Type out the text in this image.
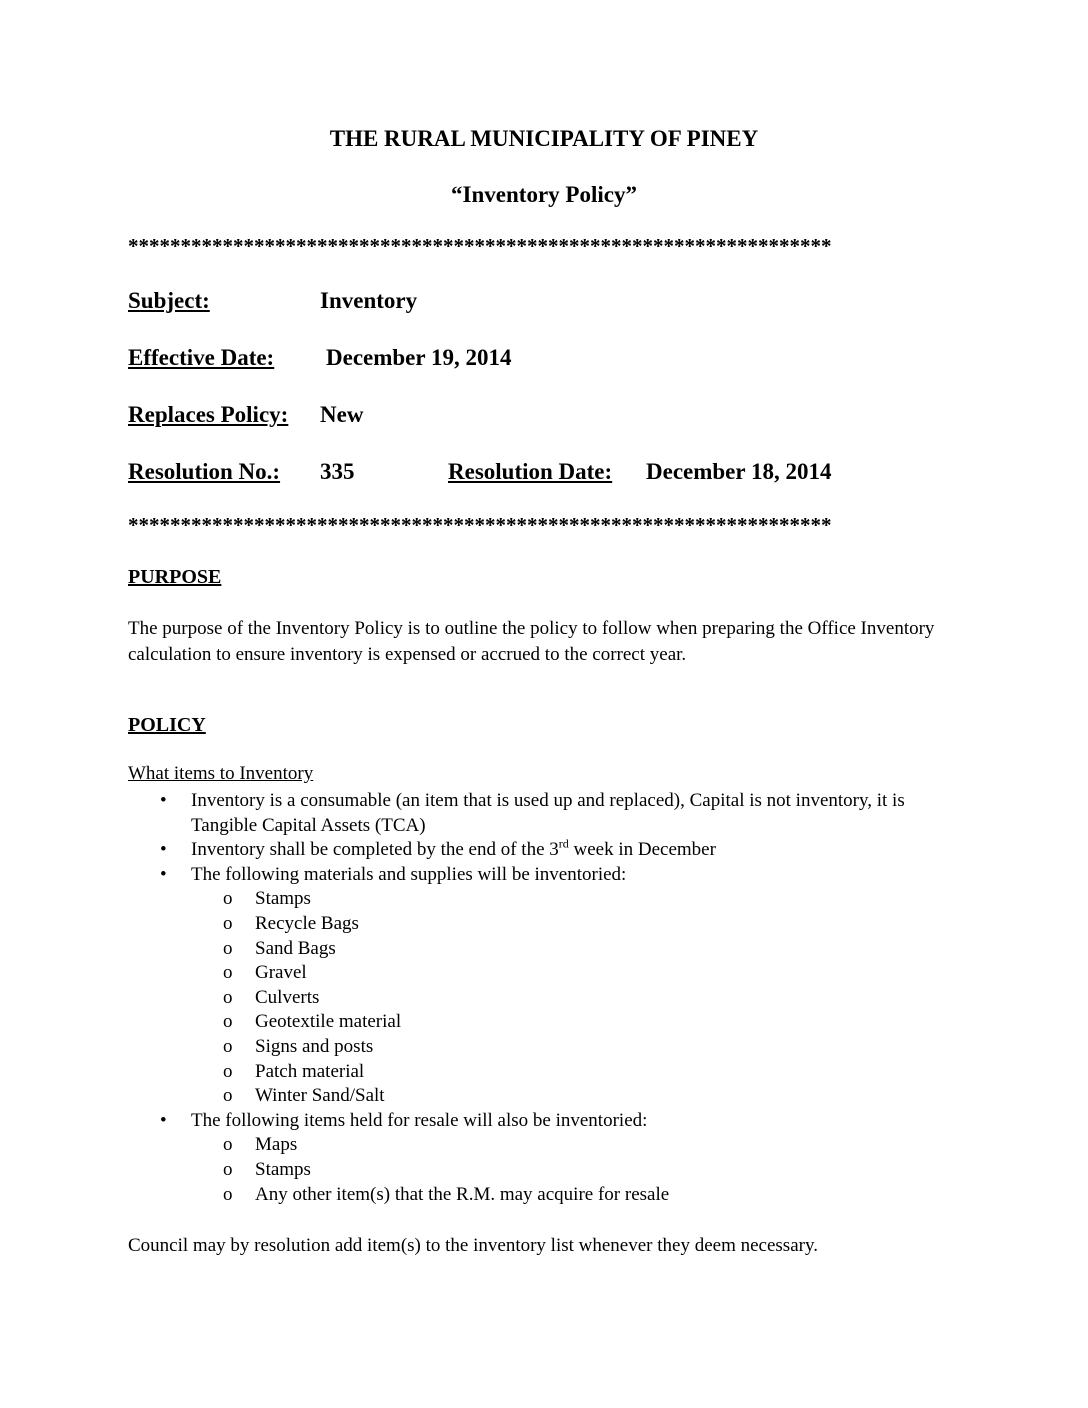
THE RURAL MUNICIPALITY OF PINEY
“Inventory Policy”
*******************************************************************
Subject:	Inventory
Effective Date: December 19, 2014
Replaces Policy: New
Resolution No.: 335	Resolution Date: December 18, 2014
*******************************************************************
PURPOSE
The purpose of the Inventory Policy is to outline the policy to follow when preparing the Office Inventory calculation to ensure inventory is expensed or accrued to the correct year.
POLICY
What items to Inventory
• Inventory is a consumable (an item that is used up and replaced), Capital is not inventory, it is Tangible Capital Assets (TCA)
• Inventory shall be completed by the end of the 3rd week in December
• The following materials and supplies will be inventoried:
o Stamps
o Recycle Bags
o Sand Bags
o Gravel
o Culverts
o Geotextile material
o Signs and posts
o Patch material
o Winter Sand/Salt
• The following items held for resale will also be inventoried:
o Maps
o Stamps
o Any other item(s) that the R.M. may acquire for resale
Council may by resolution add item(s) to the inventory list whenever they deem necessary.
